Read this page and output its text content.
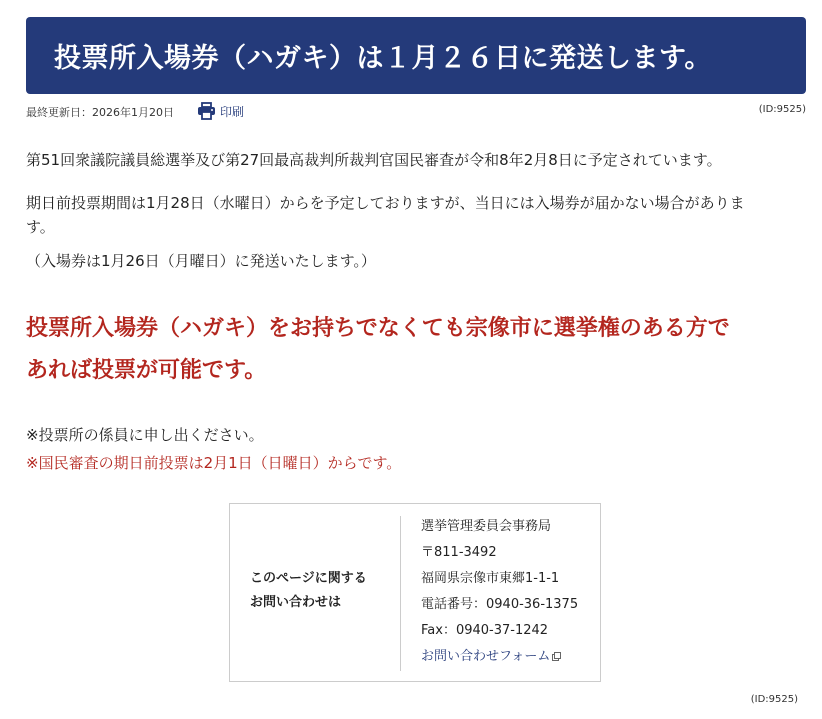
投票所入場券（ハガキ）は１月２６日に発送します。
最終更新日：2026年1月20日	印刷	(ID:9525)

第51回衆議院議員総選挙及び第27回最高裁判所裁判官国民審査が令和8年2月8日に予定されています。

期日前投票期間は1月28日（水曜日）からを予定しておりますが、当日には入場券が届かない場合がありま
す。

（入場券は1月26日（月曜日）に発送いたします。）

投票所入場券（ハガキ）をお持ちでなくても宗像市に選挙権のある方で
あれば投票が可能です。

※投票所の係員に申し出ください。

※国民審査の期日前投票は2月1日（日曜日）からです。

このページに関する
お問い合わせは
選挙管理委員会事務局
〒811-3492
福岡県宗像市東郷1-1-1
電話番号：0940-36-1375
Fax：0940-37-1242
お問い合わせフォーム
(ID:9525)
